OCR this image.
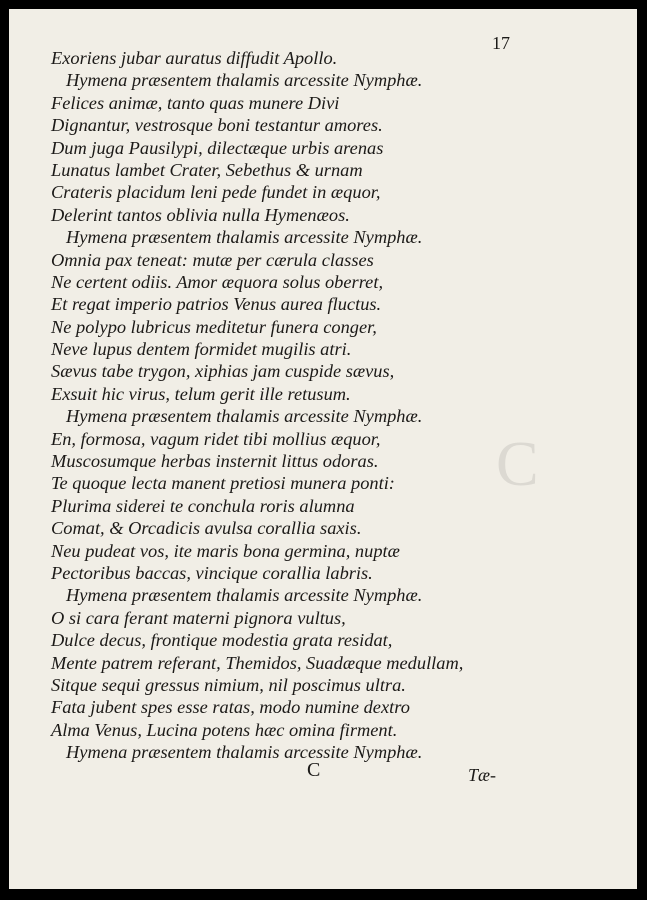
C
17
Exoriens jubar auratus diffudit Apollo.
Hymena præsentem thalamis arcessite Nymphæ.
Felices animæ, tanto quas munere Divi
Dignantur, vestrosque boni testantur amores.
Dum juga Pausilypi, dilectæque urbis arenas
Lunatus lambet Crater, Sebethus & urnam
Crateris placidum leni pede fundet in æquor,
Delerint tantos oblivia nulla Hymenæos.
Hymena præsentem thalamis arcessite Nymphæ.
Omnia pax teneat: mutæ per cærula classes
Ne certent odiis. Amor æquora solus oberret,
Et regat imperio patrios Venus aurea fluctus.
Ne polypo lubricus meditetur funera conger,
Neve lupus dentem formidet mugilis atri.
Sævus tabe trygon, xiphias jam cuspide sævus,
Exsuit hic virus, telum gerit ille retusum.
Hymena præsentem thalamis arcessite Nymphæ.
En, formosa, vagum ridet tibi mollius æquor,
Muscosumque herbas insternit littus odoras.
Te quoque lecta manent pretiosi munera ponti:
Plurima siderei te conchula roris alumna
Comat, & Orcadicis avulsa corallia saxis.
Neu pudeat vos, ite maris bona germina, nuptæ
Pectoribus baccas, vincique corallia labris.
Hymena præsentem thalamis arcessite Nymphæ.
O si cara ferant materni pignora vultus,
Dulce decus, frontique modestia grata residat,
Mente patrem referant, Themidos, Suadæque medullam,
Sitque sequi gressus nimium, nil poscimus ultra.
Fata jubent spes esse ratas, modo numine dextro
Alma Venus, Lucina potens hæc omina firment.
Hymena præsentem thalamis arcessite Nymphæ.
C	Tæ-
